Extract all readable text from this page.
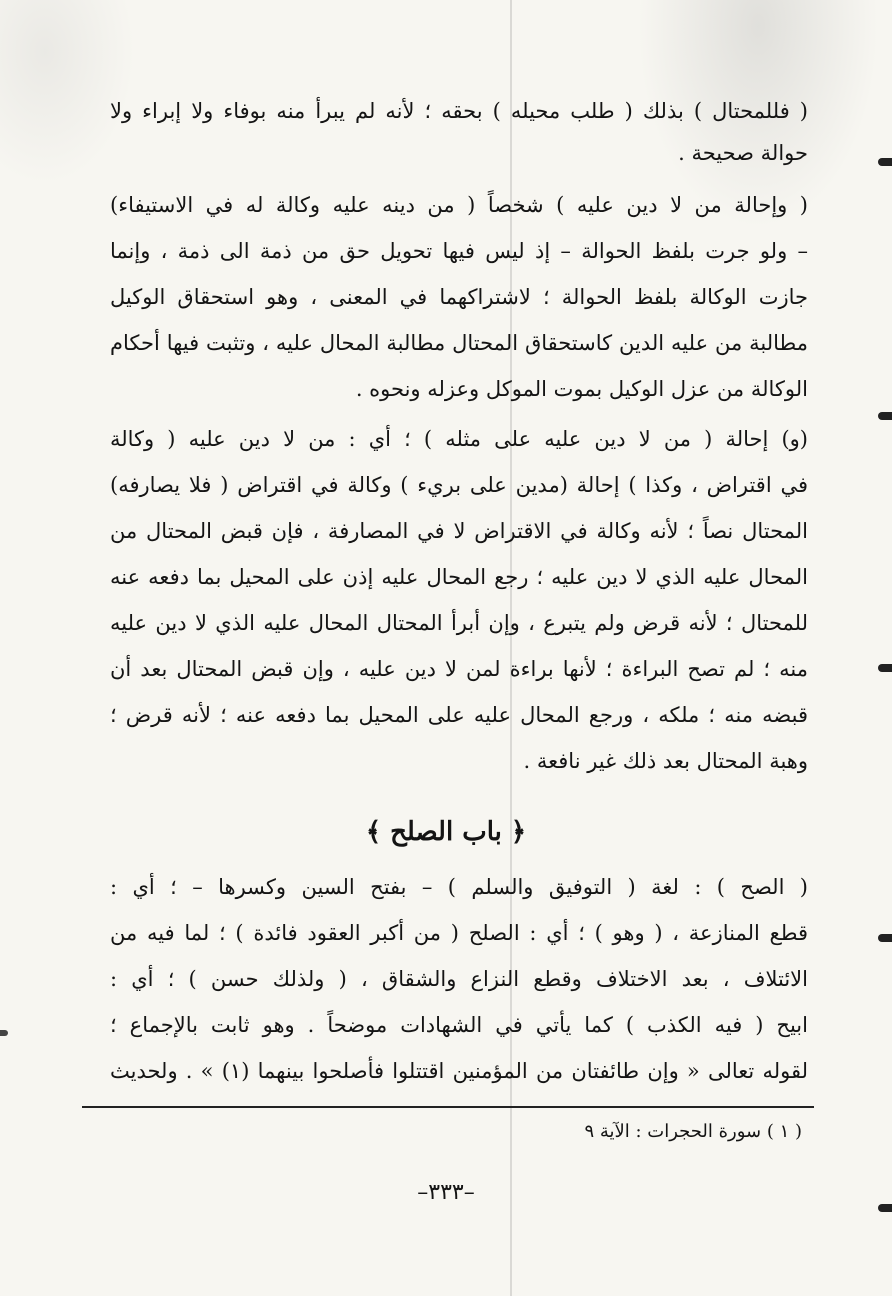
( فللمحتال ) بذلك ( طلب محيله ) بحقه ؛ لأنه لم يبرأ منه بوفاء ولا إبراء ولا
حوالة صحيحة .
( وإحالة من لا دين عليه ) شخصاً ( من دينه عليه وكالة له في الاستيفاء)
– ولو جرت بلفظ الحوالة – إذ ليس فيها تحويل حق من ذمة الى ذمة ، وإنما
جازت الوكالة بلفظ الحوالة ؛ لاشتراكهما في المعنى ، وهو استحقاق الوكيل
مطالبة من عليه الدين كاستحقاق المحتال مطالبة المحال عليه ، وتثبت فيها أحكام
الوكالة من عزل الوكيل بموت الموكل وعزله ونحوه .
(و) إحالة ( من لا دين عليه على مثله ) ؛ أي : من لا دين عليه ( وكالة
في اقتراض ، وكذا ) إحالة (مدين على بريء ) وكالة في اقتراض ( فلا يصارفه)
المحتال نصاً ؛ لأنه وكالة في الاقتراض لا في المصارفة ، فإن قبض المحتال من
المحال عليه الذي لا دين عليه ؛ رجع المحال عليه إذن على المحيل بما دفعه عنه
للمحتال ؛ لأنه قرض ولم يتبرع ، وإن أبرأ المحتال المحال عليه الذي لا دين عليه
منه ؛ لم تصح البراءة ؛ لأنها براءة لمن لا دين عليه ، وإن قبض المحتال بعد أن
قبضه منه ؛ ملكه ، ورجع المحال عليه على المحيل بما دفعه عنه ؛ لأنه قرض ؛
وهبة المحتال بعد ذلك غير نافعة .
﴿ باب الصلح ﴾
( الصح ) : لغة ( التوفيق والسلم ) – بفتح السين وكسرها – ؛ أي :
قطع المنازعة ، ( وهو ) ؛ أي : الصلح ( من أكبر العقود فائدة ) ؛ لما فيه من
الائتلاف ، بعد الاختلاف وقطع النزاع والشقاق ، ( ولذلك حسن ) ؛ أي :
ابيح ( فيه الكذب ) كما يأتي في الشهادات موضحاً . وهو ثابت بالإجماع ؛
لقوله تعالى « وإن طائفتان من المؤمنين اقتتلوا فأصلحوا بينهما (١) » . ولحديث
( ١ ) سورة الحجرات : الآية ٩
–٣٣٣–
